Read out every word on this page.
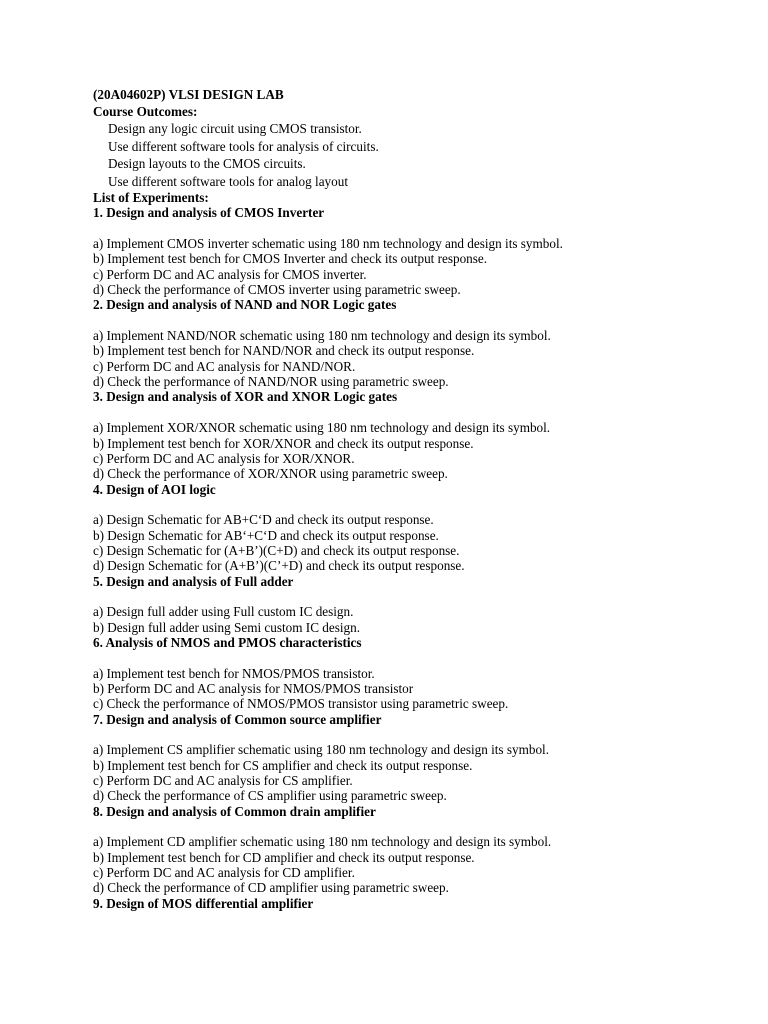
(20A04602P) VLSI DESIGN LAB

Course Outcomes:

Design any logic circuit using CMOS transistor.

Use different software tools for analysis of circuits.

Design layouts to the CMOS circuits.

Use different software tools for analog layout

List of Experiments:

1. Design and analysis of CMOS Inverter

a) Implement CMOS inverter schematic using 180 nm technology and design its symbol.

b) Implement test bench for CMOS Inverter and check its output response.

c) Perform DC and AC analysis for CMOS inverter.

d) Check the performance of CMOS inverter using parametric sweep.

2. Design and analysis of NAND and NOR Logic gates

a) Implement NAND/NOR schematic using 180 nm technology and design its symbol.

b) Implement test bench for NAND/NOR and check its output response.

c) Perform DC and AC analysis for NAND/NOR.

d) Check the performance of NAND/NOR using parametric sweep.

3. Design and analysis of XOR and XNOR Logic gates

a) Implement XOR/XNOR schematic using 180 nm technology and design its symbol.

b) Implement test bench for XOR/XNOR and check its output response.

c) Perform DC and AC analysis for XOR/XNOR.

d) Check the performance of XOR/XNOR using parametric sweep.

4. Design of AOI logic

a) Design Schematic for AB+C‘D and check its output response.

b) Design Schematic for AB‘+C‘D and check its output response.

c) Design Schematic for (A+B’)(C+D) and check its output response.

d) Design Schematic for (A+B’)(C’+D) and check its output response.

5. Design and analysis of Full adder

a) Design full adder using Full custom IC design.

b) Design full adder using Semi custom IC design.

6. Analysis of NMOS and PMOS characteristics

a) Implement test bench for NMOS/PMOS transistor.

b) Perform DC and AC analysis for NMOS/PMOS transistor

c) Check the performance of NMOS/PMOS transistor using parametric sweep.

7. Design and analysis of Common source amplifier

a) Implement CS amplifier schematic using 180 nm technology and design its symbol.

b) Implement test bench for CS amplifier and check its output response.

c) Perform DC and AC analysis for CS amplifier.

d) Check the performance of CS amplifier using parametric sweep.

8. Design and analysis of Common drain amplifier

a) Implement CD amplifier schematic using 180 nm technology and design its symbol.

b) Implement test bench for CD amplifier and check its output response.

c) Perform DC and AC analysis for CD amplifier.

d) Check the performance of CD amplifier using parametric sweep.

9. Design of MOS differential amplifier
